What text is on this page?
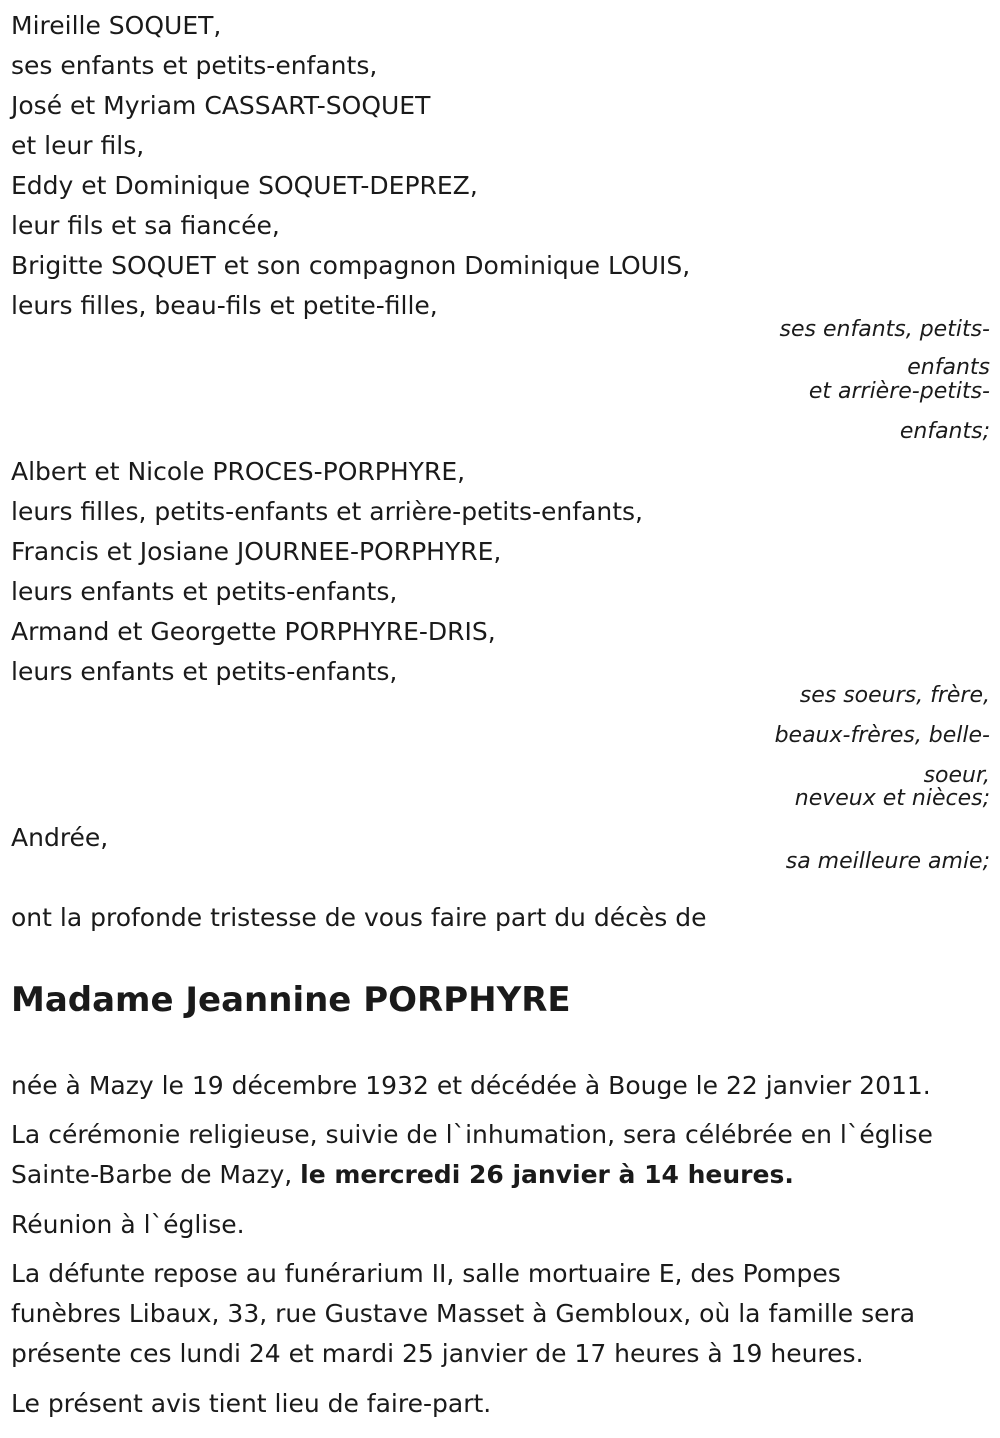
Mireille SOQUET,
ses enfants et petits-enfants,
José et Myriam CASSART-SOQUET
et leur fils,
Eddy et Dominique SOQUET-DEPREZ,
leur fils et sa fiancée,
Brigitte SOQUET et son compagnon Dominique LOUIS,
leurs filles, beau-fils et petite-fille,
ses enfants, petits-
enfants
et arrière-petits-
enfants;
Albert et Nicole PROCES-PORPHYRE,
leurs filles, petits-enfants et arrière-petits-enfants,
Francis et Josiane JOURNEE-PORPHYRE,
leurs enfants et petits-enfants,
Armand et Georgette PORPHYRE-DRIS,
leurs enfants et petits-enfants,
ses soeurs, frère,
beaux-frères, belle-
soeur,
neveux et nièces;
Andrée,
sa meilleure amie;
ont la profonde tristesse de vous faire part du décès de
Madame Jeannine PORPHYRE
née à Mazy le 19 décembre 1932 et décédée à Bouge le 22 janvier 2011.
La cérémonie religieuse, suivie de l`inhumation, sera célébrée en l`église
Sainte-Barbe de Mazy, le mercredi 26 janvier à 14 heures.
Réunion à l`église.
La défunte repose au funérarium II, salle mortuaire E, des Pompes
funèbres Libaux, 33, rue Gustave Masset à Gembloux, où la famille sera
présente ces lundi 24 et mardi 25 janvier de 17 heures à 19 heures.
Le présent avis tient lieu de faire-part.
